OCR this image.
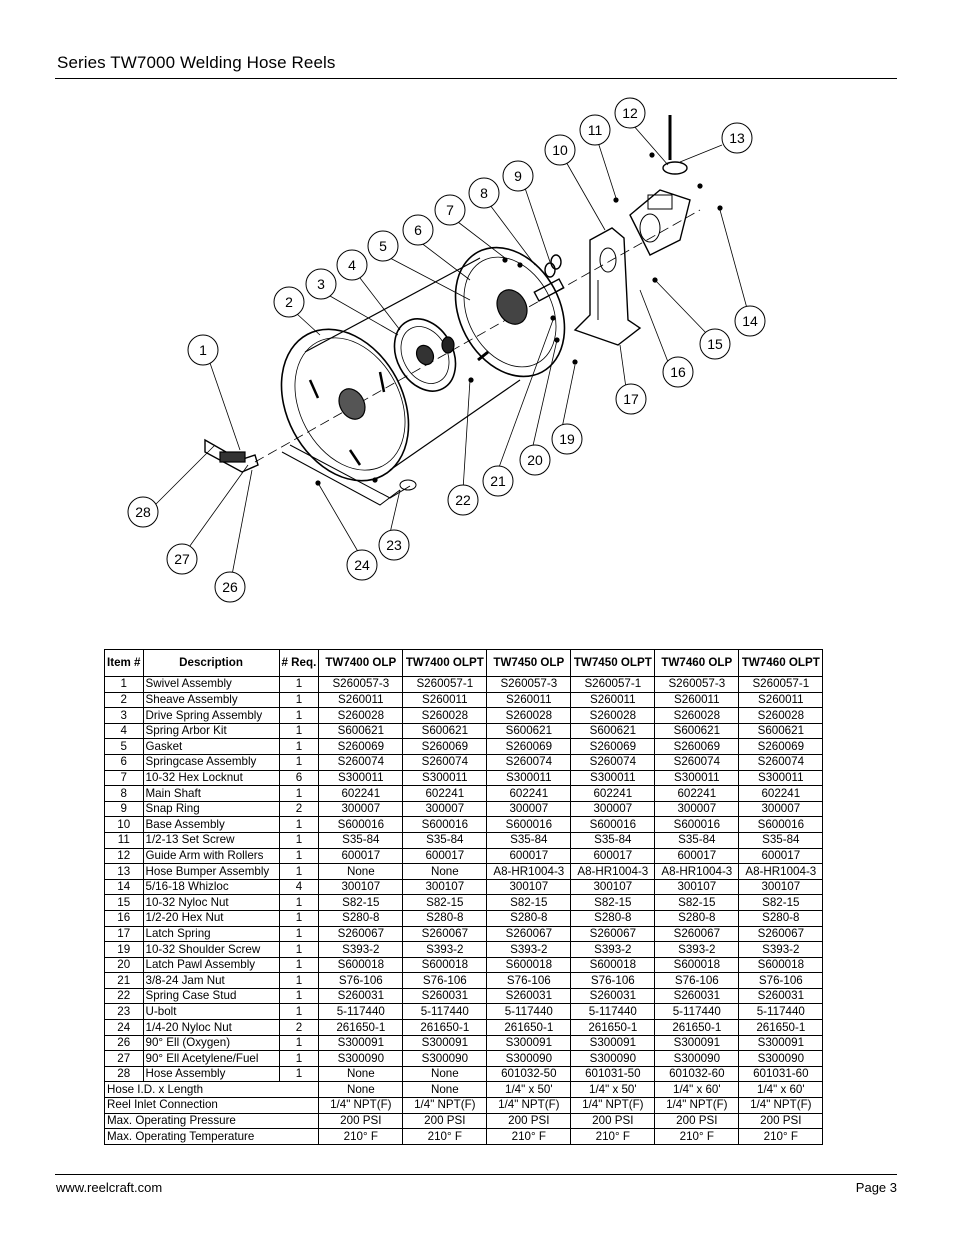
Series TW7000 Welding Hose Reels
1
2
3
4
5
6
7
8
9
10
11
12
13
14
15
16
17
19
20
21
22
23
24
26
27
28
Item #	Description	# Req.	TW7400 OLP	TW7400 OLPT	TW7450 OLP	TW7450 OLPT	TW7460 OLP	TW7460 OLPT
1	Swivel Assembly	1	S260057-3	S260057-1	S260057-3	S260057-1	S260057-3	S260057-1
2	Sheave Assembly	1	S260011	S260011	S260011	S260011	S260011	S260011
3	Drive Spring Assembly	1	S260028	S260028	S260028	S260028	S260028	S260028
4	Spring Arbor Kit	1	S600621	S600621	S600621	S600621	S600621	S600621
5	Gasket	1	S260069	S260069	S260069	S260069	S260069	S260069
6	Springcase Assembly	1	S260074	S260074	S260074	S260074	S260074	S260074
7	10-32 Hex Locknut	6	S300011	S300011	S300011	S300011	S300011	S300011
8	Main Shaft	1	602241	602241	602241	602241	602241	602241
9	Snap Ring	2	300007	300007	300007	300007	300007	300007
10	Base Assembly	1	S600016	S600016	S600016	S600016	S600016	S600016
11	1/2-13 Set Screw	1	S35-84	S35-84	S35-84	S35-84	S35-84	S35-84
12	Guide Arm with Rollers	1	600017	600017	600017	600017	600017	600017
13	Hose Bumper Assembly	1	None	None	A8-HR1004-3	A8-HR1004-3	A8-HR1004-3	A8-HR1004-3
14	5/16-18 Whizloc	4	300107	300107	300107	300107	300107	300107
15	10-32 Nyloc Nut	1	S82-15	S82-15	S82-15	S82-15	S82-15	S82-15
16	1/2-20 Hex Nut	1	S280-8	S280-8	S280-8	S280-8	S280-8	S280-8
17	Latch Spring	1	S260067	S260067	S260067	S260067	S260067	S260067
19	10-32 Shoulder Screw	1	S393-2	S393-2	S393-2	S393-2	S393-2	S393-2
20	Latch Pawl Assembly	1	S600018	S600018	S600018	S600018	S600018	S600018
21	3/8-24 Jam Nut	1	S76-106	S76-106	S76-106	S76-106	S76-106	S76-106
22	Spring Case Stud	1	S260031	S260031	S260031	S260031	S260031	S260031
23	U-bolt	1	5-117440	5-117440	5-117440	5-117440	5-117440	5-117440
24	1/4-20 Nyloc Nut	2	261650-1	261650-1	261650-1	261650-1	261650-1	261650-1
26	90° Ell (Oxygen)	1	S300091	S300091	S300091	S300091	S300091	S300091
27	90° Ell Acetylene/Fuel	1	S300090	S300090	S300090	S300090	S300090	S300090
28	Hose Assembly	1	None	None	601032-50	601031-50	601032-60	601031-60
Hose I.D. x Length			None	None	1/4" x 50'	1/4" x 50'	1/4" x 60'	1/4" x 60'
Reel Inlet Connection			1/4" NPT(F)	1/4" NPT(F)	1/4" NPT(F)	1/4" NPT(F)	1/4" NPT(F)	1/4" NPT(F)
Max. Operating Pressure			200 PSI	200 PSI	200 PSI	200 PSI	200 PSI	200 PSI
Max. Operating Temperature			210° F	210° F	210° F	210° F	210° F	210° F
www.reelcraft.com	Page 3
